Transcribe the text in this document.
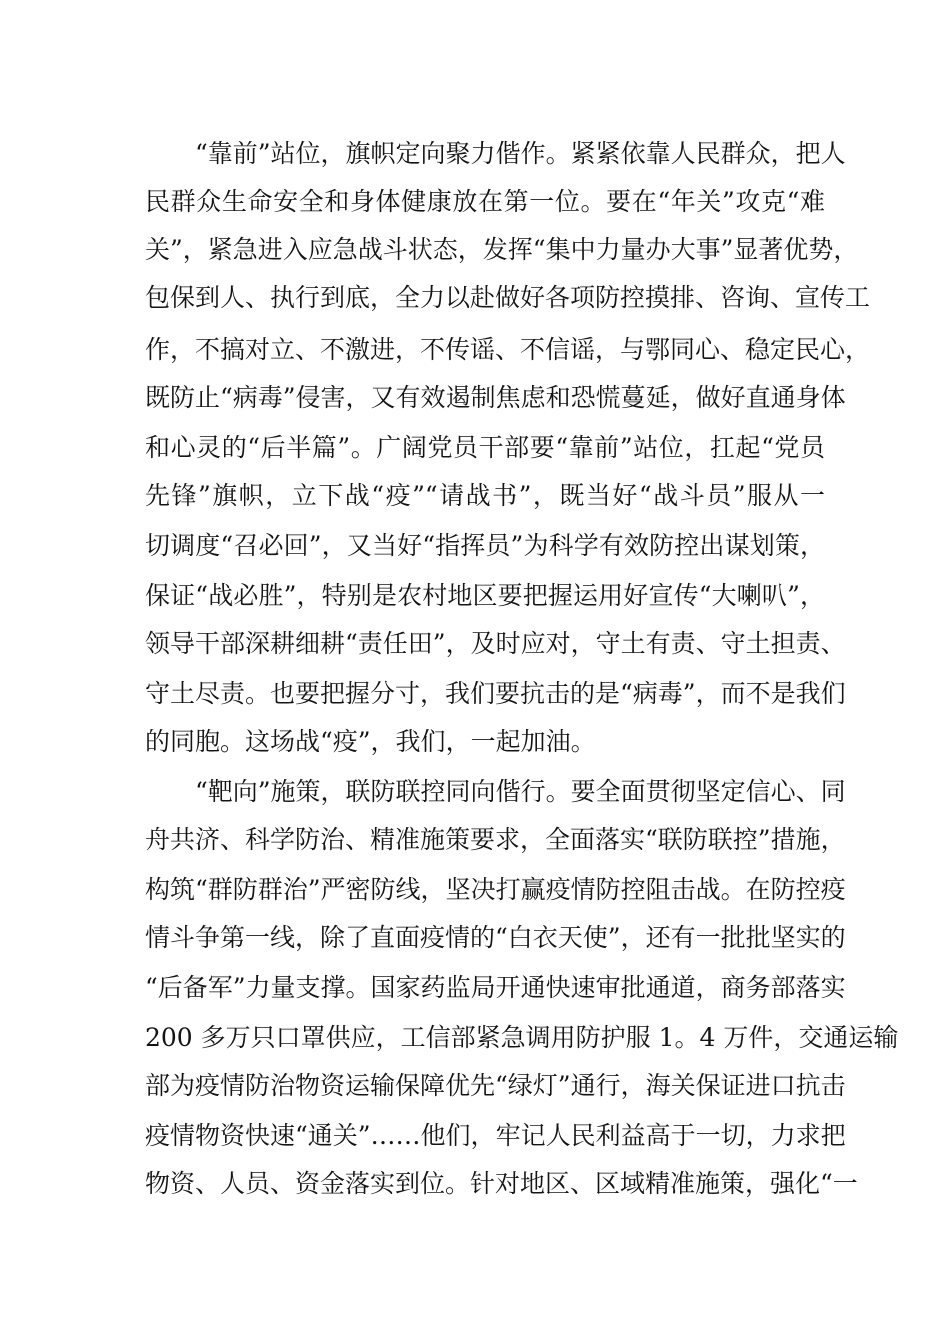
“靠前”站位，旗帜定向聚力偕作。紧紧依靠人民群众，把人
民群众生命安全和身体健康放在第一位。要在“年关”攻克“难
关”，紧急进入应急战斗状态，发挥“集中力量办大事”显著优势，
包保到人、执行到底，全力以赴做好各项防控摸排、咨询、宣传工
作，不搞对立、不激进，不传谣、不信谣，与鄂同心、稳定民心，
既防止“病毒”侵害，又有效遏制焦虑和恐慌蔓延，做好直通身体
和心灵的“后半篇”。广阔党员干部要“靠前”站位，扛起“党员
先锋”旗帜，立下战“疫”“请战书”，既当好“战斗员”服从一
切调度“召必回”，又当好“指挥员”为科学有效防控出谋划策，
保证“战必胜”，特别是农村地区要把握运用好宣传“大喇叭”，
领导干部深耕细耕“责任田”，及时应对，守土有责、守土担责、
守土尽责。也要把握分寸，我们要抗击的是“病毒”，而不是我们
的同胞。这场战“疫”，我们，一起加油。
“靶向”施策，联防联控同向偕行。要全面贯彻坚定信心、同
舟共济、科学防治、精准施策要求，全面落实“联防联控”措施，
构筑“群防群治”严密防线，坚决打赢疫情防控阻击战。在防控疫
情斗争第一线，除了直面疫情的“白衣天使”，还有一批批坚实的
“后备军”力量支撑。国家药监局开通快速审批通道，商务部落实
200 多万只口罩供应，工信部紧急调用防护服 1。4 万件，交通运输
部为疫情防治物资运输保障优先“绿灯”通行，海关保证进口抗击
疫情物资快速“通关”……他们，牢记人民利益高于一切，力求把
物资、人员、资金落实到位。针对地区、区域精准施策，强化“一
